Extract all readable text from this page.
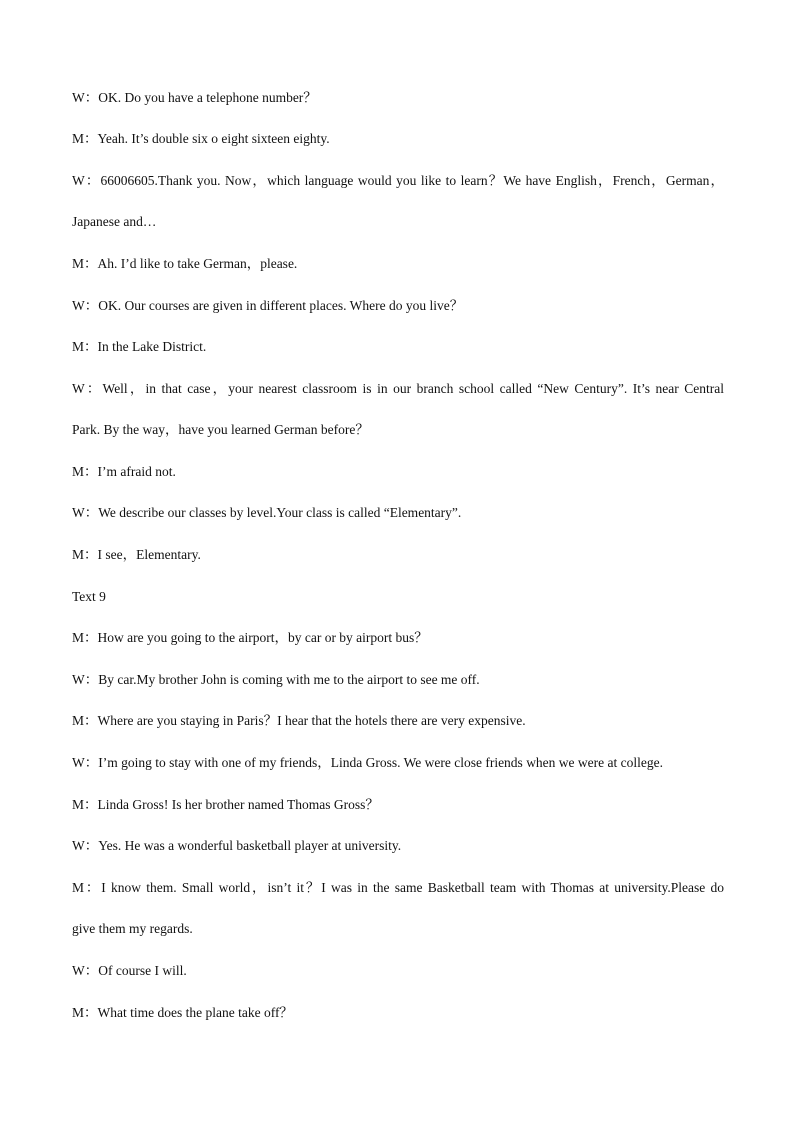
W：OK. Do you have a telephone number？
M：Yeah. It’s double six o eight sixteen eighty.
W：66006605.Thank you. Now，which language would you like to learn？We have English，French，German，
Japanese and…
M：Ah. I’d like to take German，please.
W：OK. Our courses are given in different places. Where do you live？
M：In the Lake District.
W：Well，in that case，your nearest classroom is in our branch school called “New Century”. It’s near Central
Park. By the way，have you learned German before？
M：I’m afraid not.
W：We describe our classes by level.Your class is called “Elementary”.
M：I see，Elementary.
Text 9
M：How are you going to the airport，by car or by airport bus？
W：By car.My brother John is coming with me to the airport to see me off.
M：Where are you staying in Paris？I hear that the hotels there are very expensive.
W：I’m going to stay with one of my friends，Linda Gross. We were close friends when we were at college.
M：Linda Gross! Is her brother named Thomas Gross？
W：Yes. He was a wonderful basketball player at university.
M：I know them. Small world，isn’t it？I was in the same Basketball team with Thomas at university.Please do
give them my regards.
W：Of course I will.
M：What time does the plane take off？
